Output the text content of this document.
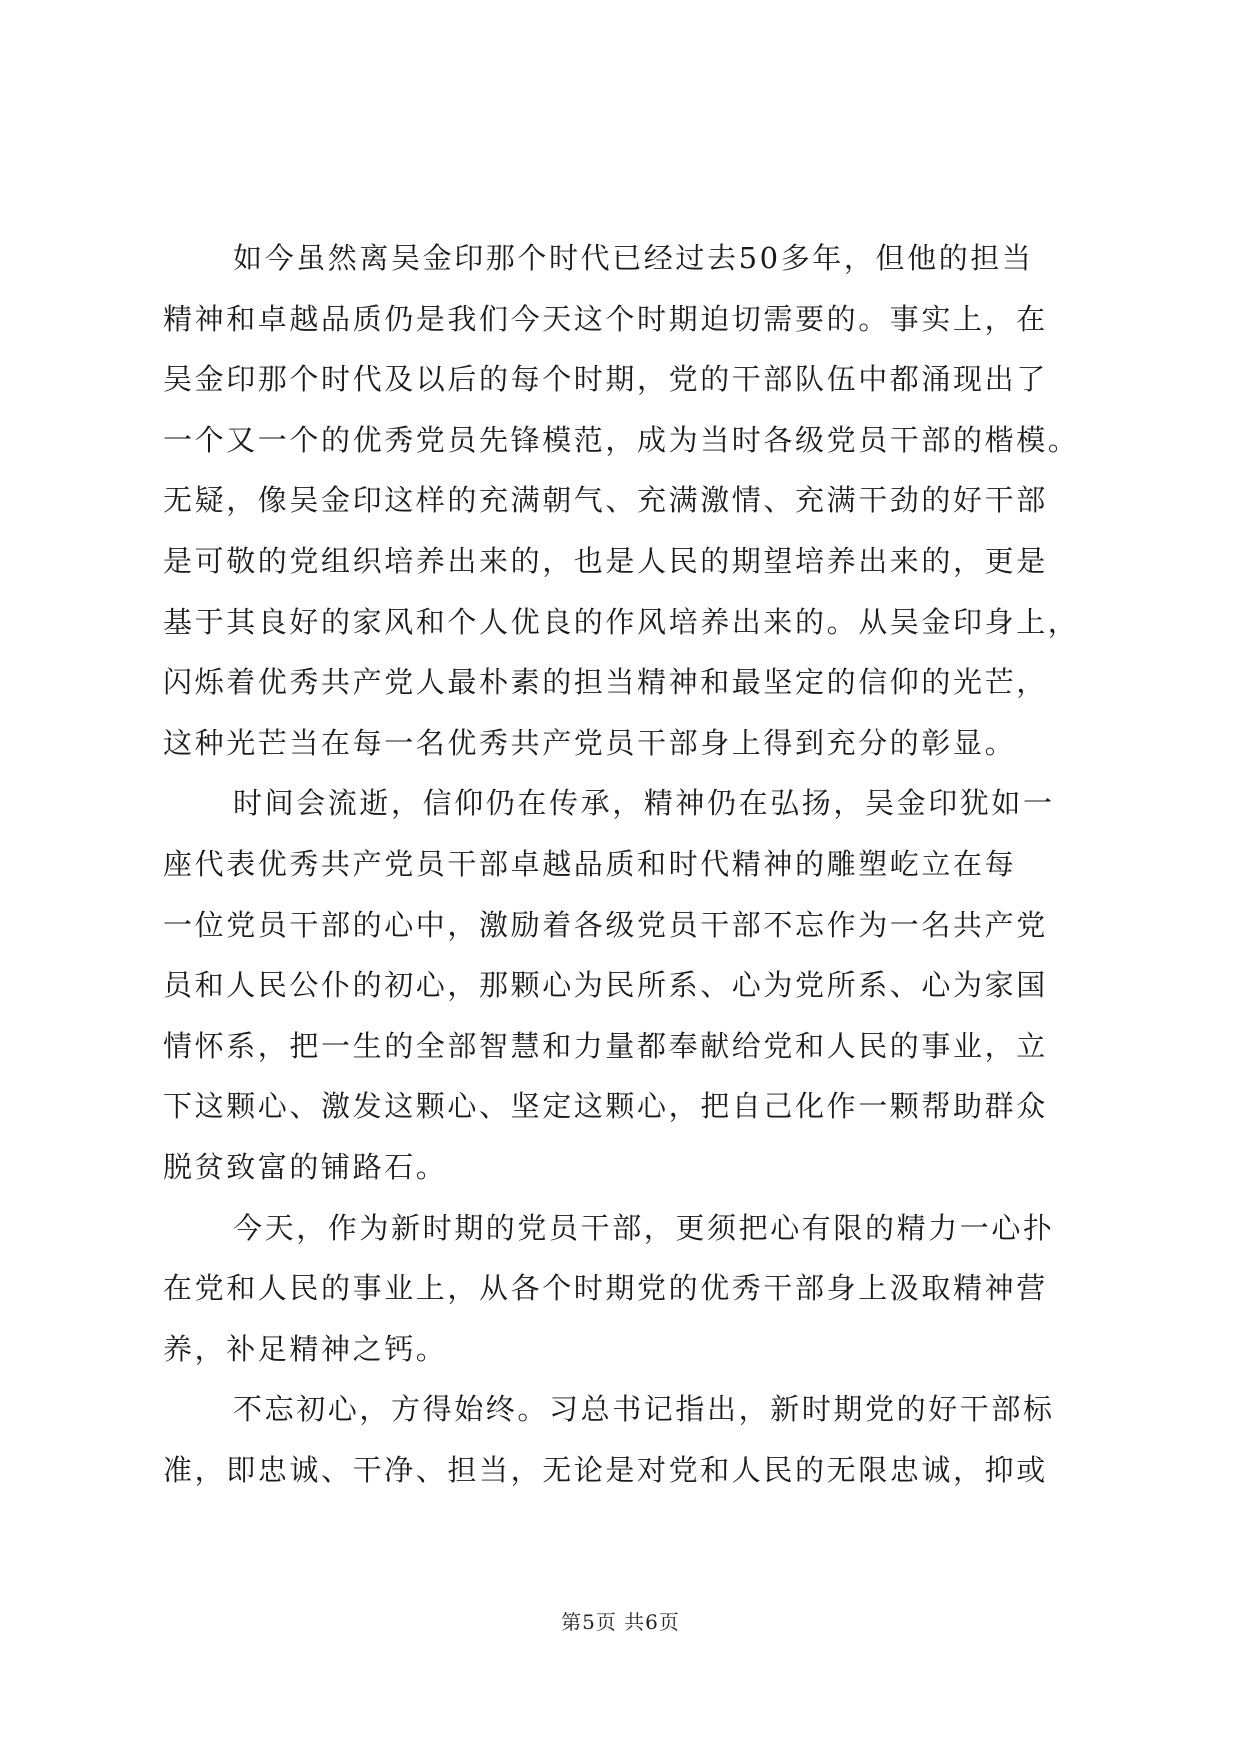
如今虽然离吴金印那个时代已经过去50多年，但他的担当
精神和卓越品质仍是我们今天这个时期迫切需要的。事实上，在
吴金印那个时代及以后的每个时期，党的干部队伍中都涌现出了
一个又一个的优秀党员先锋模范，成为当时各级党员干部的楷模。
无疑，像吴金印这样的充满朝气、充满激情、充满干劲的好干部
是可敬的党组织培养出来的，也是人民的期望培养出来的，更是
基于其良好的家风和个人优良的作风培养出来的。从吴金印身上，
闪烁着优秀共产党人最朴素的担当精神和最坚定的信仰的光芒，
这种光芒当在每一名优秀共产党员干部身上得到充分的彰显。
时间会流逝，信仰仍在传承，精神仍在弘扬，吴金印犹如一
座代表优秀共产党员干部卓越品质和时代精神的雕塑屹立在每
一位党员干部的心中，激励着各级党员干部不忘作为一名共产党
员和人民公仆的初心，那颗心为民所系、心为党所系、心为家国
情怀系，把一生的全部智慧和力量都奉献给党和人民的事业，立
下这颗心、激发这颗心、坚定这颗心，把自己化作一颗帮助群众
脱贫致富的铺路石。
今天，作为新时期的党员干部，更须把心有限的精力一心扑
在党和人民的事业上，从各个时期党的优秀干部身上汲取精神营
养，补足精神之钙。
不忘初心，方得始终。习总书记指出，新时期党的好干部标
准，即忠诚、干净、担当，无论是对党和人民的无限忠诚，抑或
第5页 共6页
